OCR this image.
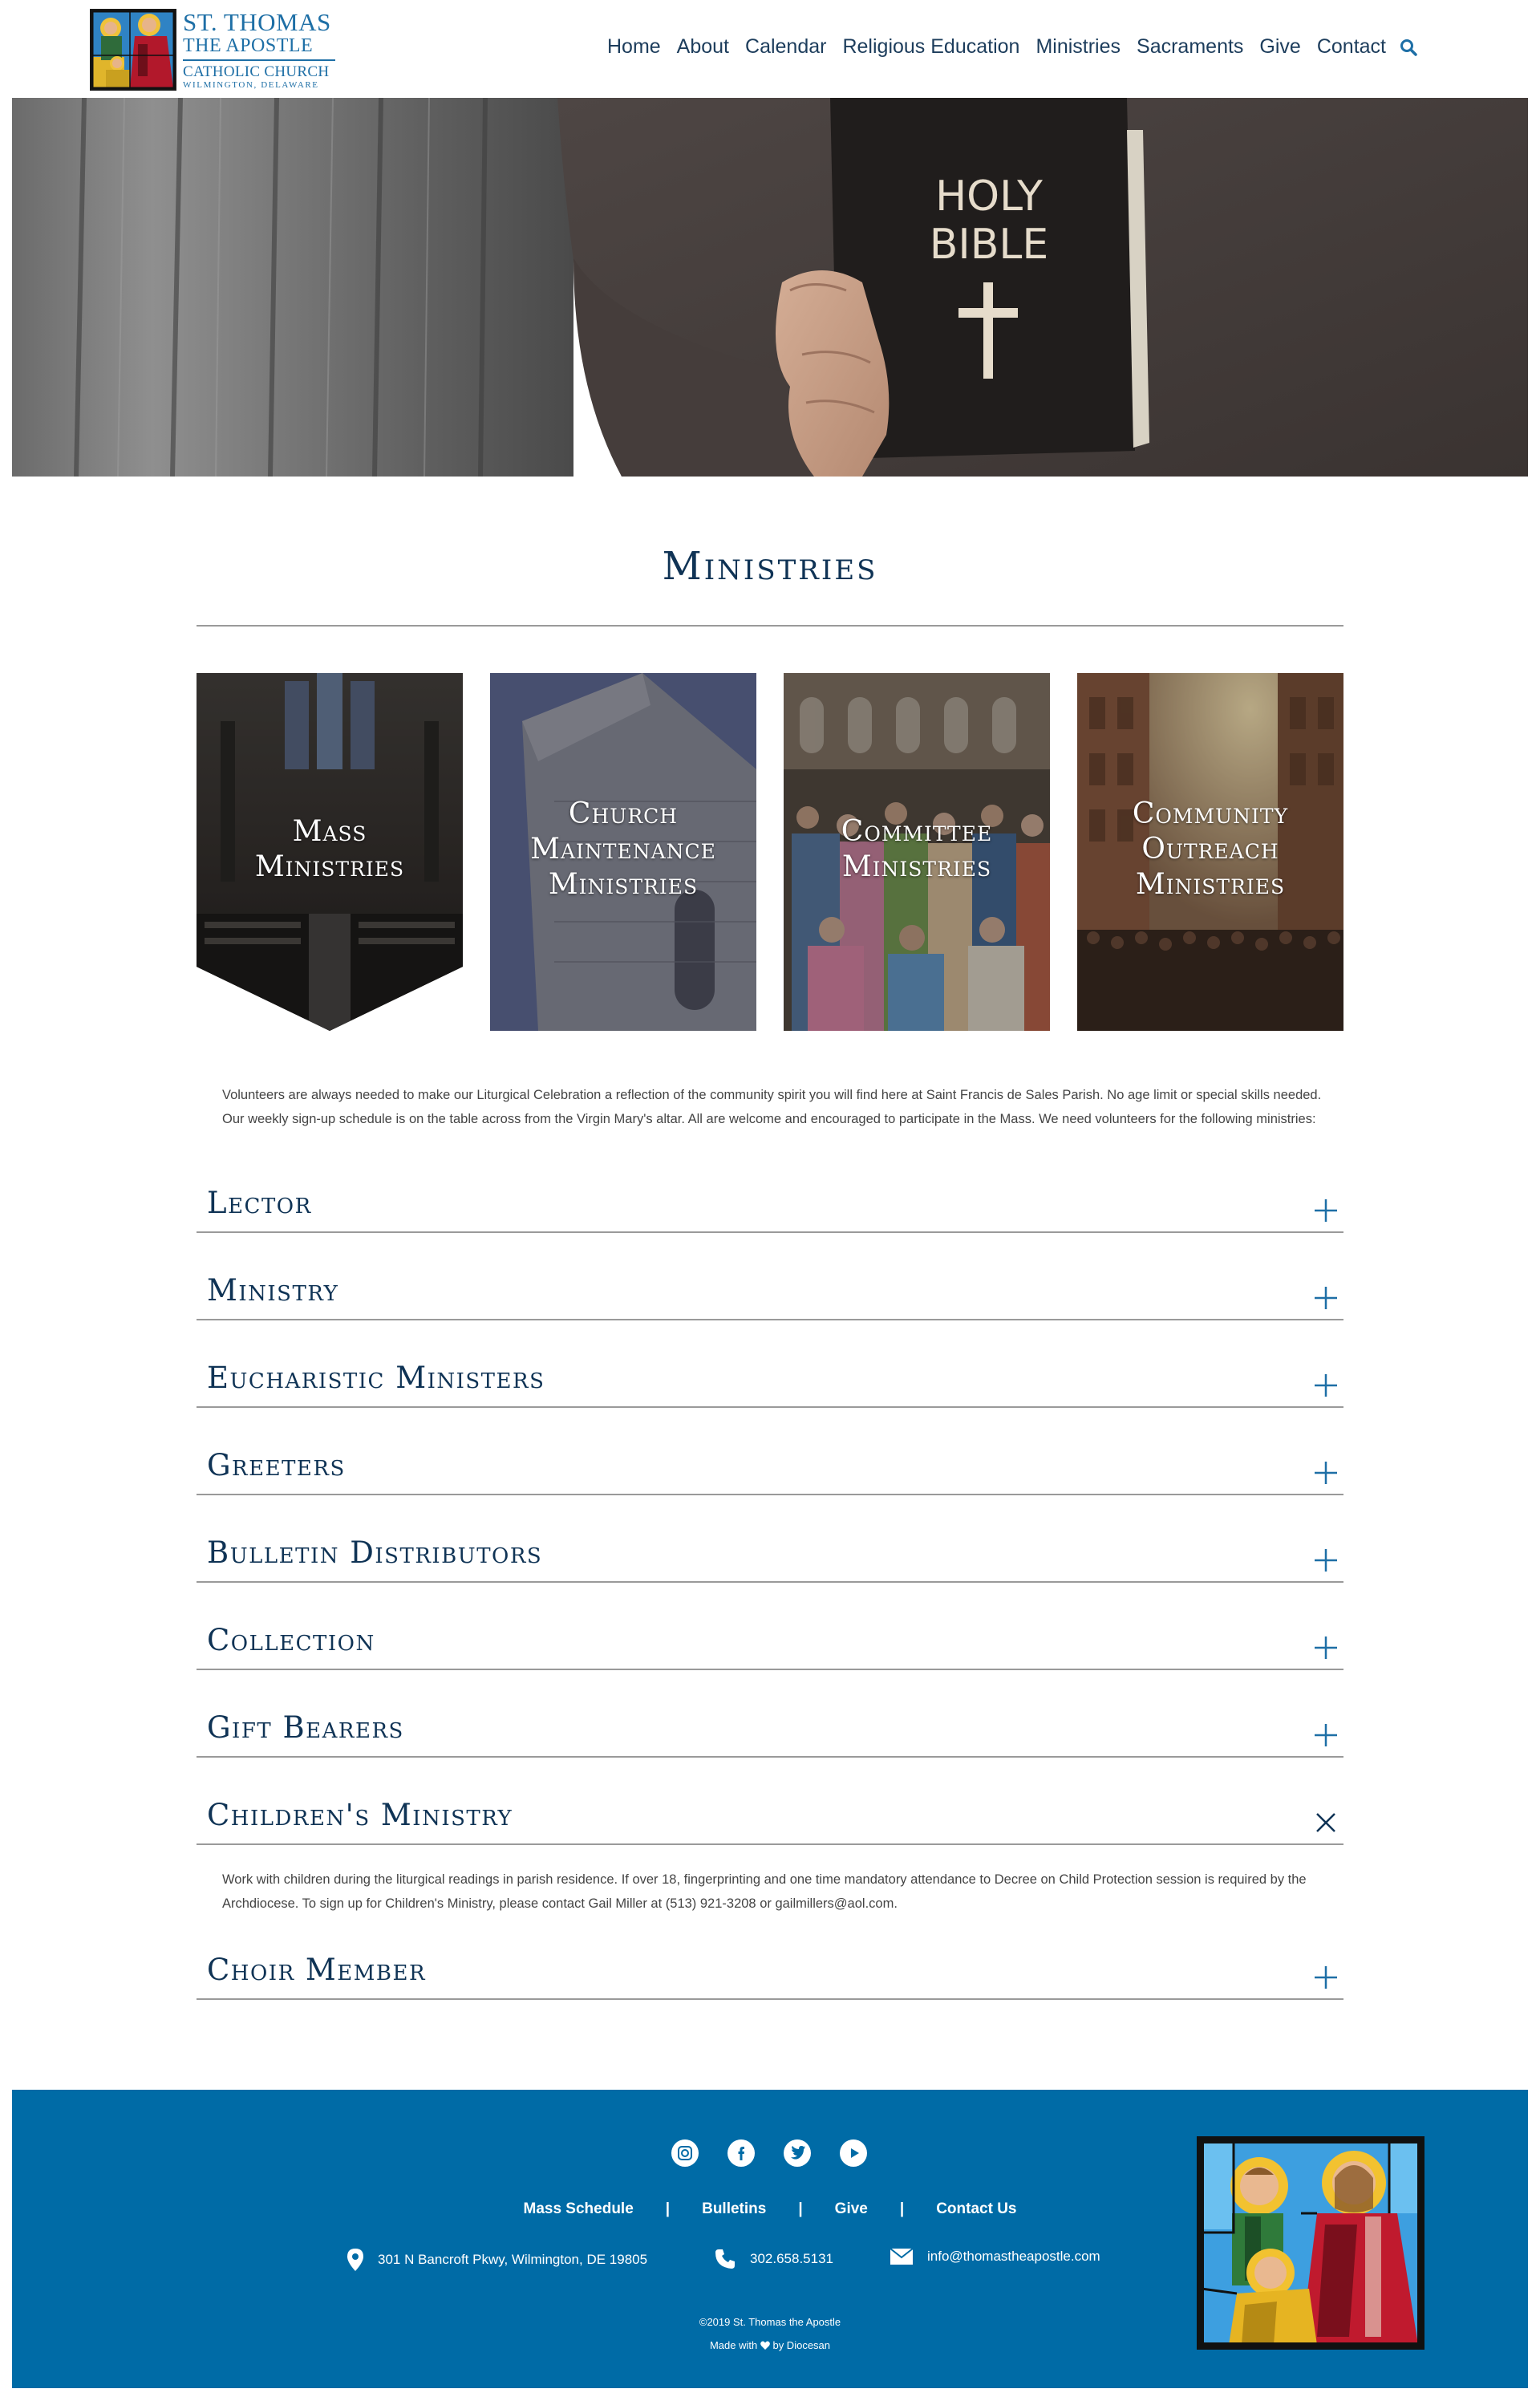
ST. THOMAS
THE APOSTLE
CATHOLIC CHURCH
WILMINGTON, DELAWARE
Home About Calendar Religious Education Ministries Sacraments Give Contact
HOLY
BIBLE
Ministries
Mass
Ministries
Church
Maintenance
Ministries
Committee
Ministries
Community
Outreach
Ministries

Volunteers are always needed to make our Liturgical Celebration a reflection of the community spirit you will find here at Saint Francis de Sales Parish. No age limit or special skills needed. Our weekly sign-up schedule is on the table across from the Virgin Mary's altar. All are welcome and encouraged to participate in the Mass. We need volunteers for the following ministries:

Lector
Ministry
Eucharistic Ministers
Greeters
Bulletin Distributors
Collection
Gift Bearers
Children's Ministry

Work with children during the liturgical readings in parish residence. If over 18, fingerprinting and one time mandatory attendance to Decree on Child Protection session is required by the Archdiocese. To sign up for Children's Ministry, please contact Gail Miller at (513) 921-3208 or gailmillers@aol.com.

Choir Member
Mass Schedule | Bulletins | Give | Contact Us
301 N Bancroft Pkwy, Wilmington, DE 19805	302.658.5131	info@thomastheapostle.com
©2019 St. Thomas the Apostle
Made with by Diocesan
